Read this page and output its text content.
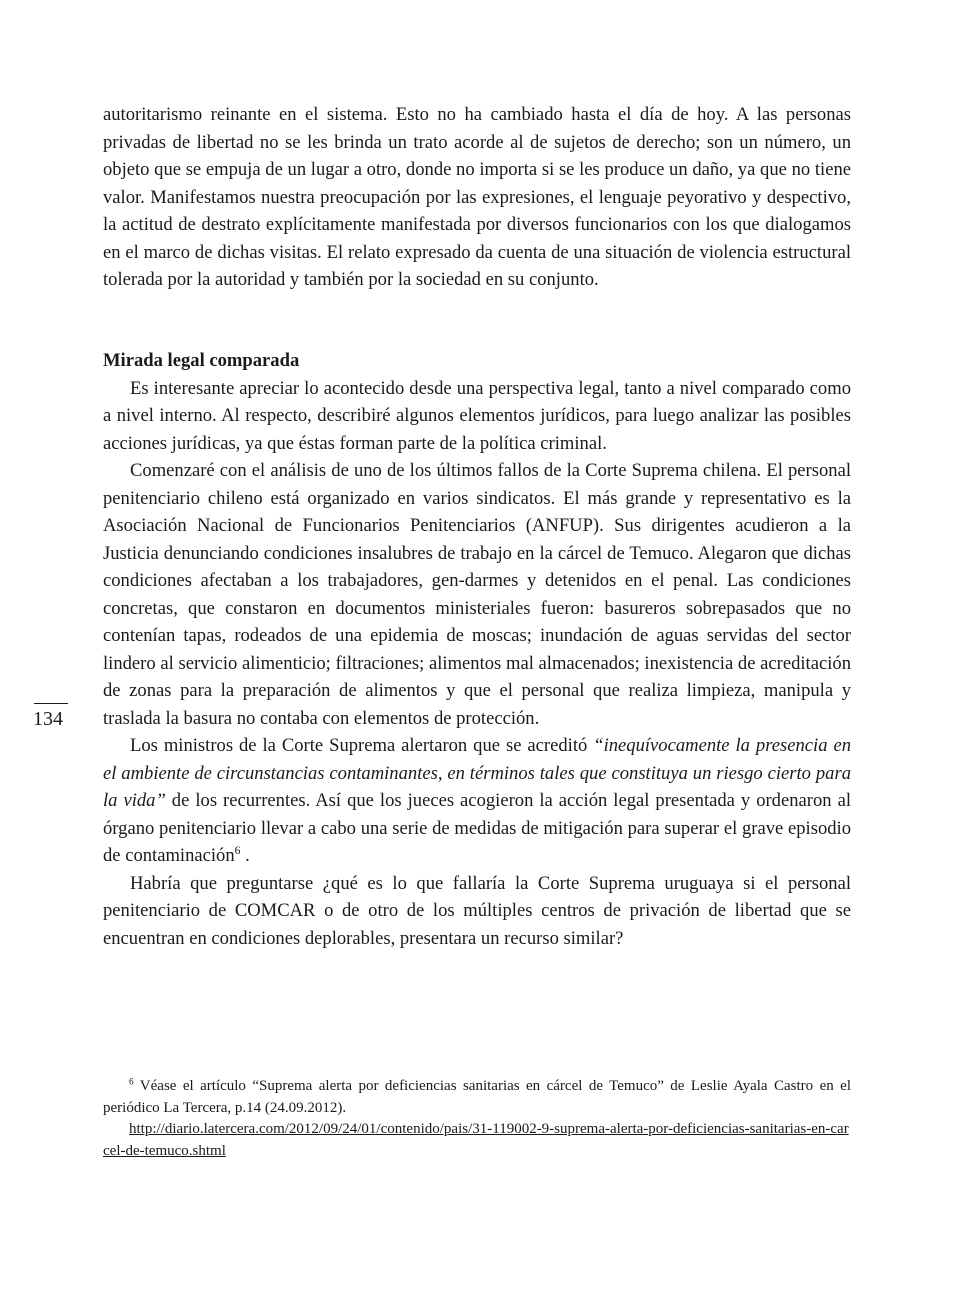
autoritarismo reinante en el sistema. Esto no ha cambiado hasta el día de hoy. A las personas privadas de libertad no se les brinda un trato acorde al de sujetos de derecho; son un número, un objeto que se empuja de un lugar a otro, donde no importa si se les produce un daño, ya que no tiene valor. Manifestamos nuestra preocupación por las expresiones, el lenguaje peyorativo y despectivo, la actitud de destrato explícitamente manifestada por diversos funcionarios con los que dialogamos en el marco de dichas visitas. El relato expresado da cuenta de una situación de violencia estructural tolerada por la autoridad y también por la sociedad en su conjunto.

Mirada legal comparada

Es interesante apreciar lo acontecido desde una perspectiva legal, tanto a nivel comparado como a nivel interno. Al respecto, describiré algunos elementos jurídicos, para luego analizar las posibles acciones jurídicas, ya que éstas forman parte de la política criminal.

Comenzaré con el análisis de uno de los últimos fallos de la Corte Suprema chilena. El personal penitenciario chileno está organizado en varios sindicatos. El más grande y representativo es la Asociación Nacional de Funcionarios Penitenciarios (ANFUP). Sus dirigentes acudieron a la Justicia denunciando condiciones insalubres de trabajo en la cárcel de Temuco. Alegaron que dichas condiciones afectaban a los trabajadores, gen-darmes y detenidos en el penal. Las condiciones concretas, que constaron en documentos ministeriales fueron: basureros sobrepasados que no contenían tapas, rodeados de una epidemia de moscas; inundación de aguas servidas del sector lindero al servicio alimenticio; filtraciones; alimentos mal almacenados; inexistencia de acreditación de zonas para la preparación de alimentos y que el personal que realiza limpieza, manipula y traslada la basura no contaba con elementos de protección.

Los ministros de la Corte Suprema alertaron que se acreditó “inequívocamente la presencia en el ambiente de circunstancias contaminantes, en términos tales que constituya un riesgo cierto para la vida” de los recurrentes. Así que los jueces acogieron la acción legal presentada y ordenaron al órgano penitenciario llevar a cabo una serie de medidas de mitigación para superar el grave episodio de contaminación$^6$ .

Habría que preguntarse ¿qué es lo que fallaría la Corte Suprema uruguaya si el personal penitenciario de COMCAR o de otro de los múltiples centros de privación de libertad que se encuentran en condiciones deplorables, presentara un recurso similar?

134

$^6$ Véase el artículo “Suprema alerta por deficiencias sanitarias en cárcel de Temuco” de Leslie Ayala Castro en el periódico La Tercera, p.14 (24.09.2012).

http://diario.latercera.com/2012/09/24/01/contenido/pais/31-119002-9-suprema-alerta-por-deficiencias-sanitarias-en-carcel-de-temuco.shtml
